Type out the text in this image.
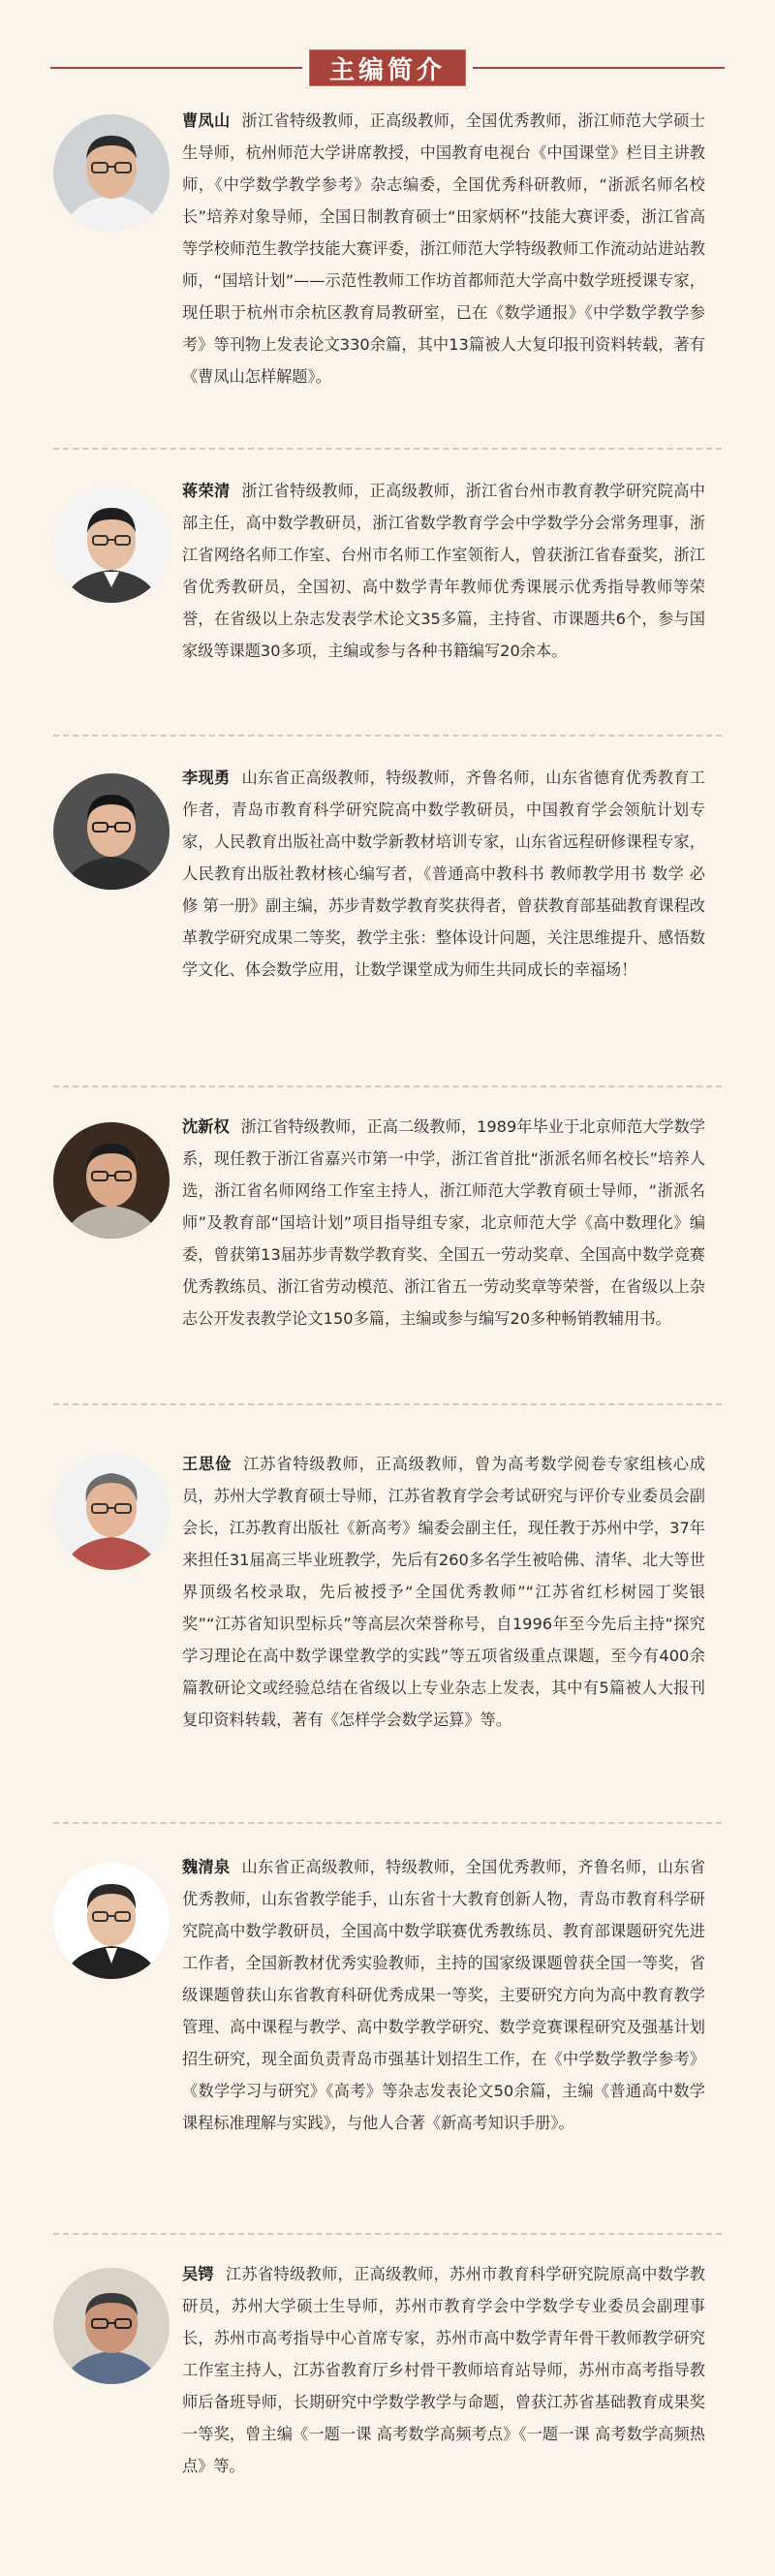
主编简介

曹凤山 浙江省特级教师，正高级教师，全国优秀教师，浙江师范大学硕士生导师，杭州师范大学讲席教授，中国教育电视台《中国课堂》栏目主讲教师，《中学数学教学参考》杂志编委，全国优秀科研教师，“浙派名师名校长”培养对象导师，全国日制教育硕士“田家炳杯”技能大赛评委，浙江省高等学校师范生教学技能大赛评委，浙江师范大学特级教师工作流动站进站教师，“国培计划”——示范性教师工作坊首都师范大学高中数学班授课专家，现任职于杭州市余杭区教育局教研室，已在《数学通报》《中学数学教学参考》等刊物上发表论文330余篇，其中13篇被人大复印报刊资料转载，著有《曹凤山怎样解题》。

蒋荣清 浙江省特级教师，正高级教师，浙江省台州市教育教学研究院高中部主任，高中数学教研员，浙江省数学教育学会中学数学分会常务理事，浙江省网络名师工作室、台州市名师工作室领衔人，曾获浙江省春蚕奖，浙江省优秀教研员，全国初、高中数学青年教师优秀课展示优秀指导教师等荣誉，在省级以上杂志发表学术论文35多篇，主持省、市课题共6个，参与国家级等课题30多项，主编或参与各种书籍编写20余本。

李现勇 山东省正高级教师，特级教师，齐鲁名师，山东省德育优秀教育工作者，青岛市教育科学研究院高中数学教研员，中国教育学会领航计划专家，人民教育出版社高中数学新教材培训专家，山东省远程研修课程专家，人民教育出版社教材核心编写者，《普通高中教科书 教师教学用书 数学 必修 第一册》副主编，苏步青数学教育奖获得者，曾获教育部基础教育课程改革教学研究成果二等奖，教学主张：整体设计问题，关注思维提升、感悟数学文化、体会数学应用，让数学课堂成为师生共同成长的幸福场！

沈新权 浙江省特级教师，正高二级教师，1989年毕业于北京师范大学数学系，现任教于浙江省嘉兴市第一中学，浙江省首批“浙派名师名校长”培养人选，浙江省名师网络工作室主持人，浙江师范大学教育硕士导师，“浙派名师”及教育部“国培计划”项目指导组专家，北京师范大学《高中数理化》编委，曾获第13届苏步青数学教育奖、全国五一劳动奖章、全国高中数学竞赛优秀教练员、浙江省劳动模范、浙江省五一劳动奖章等荣誉，在省级以上杂志公开发表教学论文150多篇，主编或参与编写20多种畅销教辅用书。

王思俭 江苏省特级教师，正高级教师，曾为高考数学阅卷专家组核心成员，苏州大学教育硕士导师，江苏省教育学会考试研究与评价专业委员会副会长，江苏教育出版社《新高考》编委会副主任，现任教于苏州中学，37年来担任31届高三毕业班教学，先后有260多名学生被哈佛、清华、北大等世界顶级名校录取，先后被授予“全国优秀教师”“江苏省红杉树园丁奖银奖”“江苏省知识型标兵”等高层次荣誉称号，自1996年至今先后主持“探究学习理论在高中数学课堂教学的实践”等五项省级重点课题，至今有400余篇教研论文或经验总结在省级以上专业杂志上发表，其中有5篇被人大报刊复印资料转载，著有《怎样学会数学运算》等。

魏清泉 山东省正高级教师，特级教师，全国优秀教师，齐鲁名师，山东省优秀教师，山东省教学能手，山东省十大教育创新人物，青岛市教育科学研究院高中数学教研员，全国高中数学联赛优秀教练员、教育部课题研究先进工作者，全国新教材优秀实验教师，主持的国家级课题曾获全国一等奖，省级课题曾获山东省教育科研优秀成果一等奖，主要研究方向为高中教育教学管理、高中课程与教学、高中数学教学研究、数学竞赛课程研究及强基计划招生研究，现全面负责青岛市强基计划招生工作，在《中学数学教学参考》《数学学习与研究》《高考》等杂志发表论文50余篇，主编《普通高中数学课程标准理解与实践》，与他人合著《新高考知识手册》。

吴锷 江苏省特级教师，正高级教师，苏州市教育科学研究院原高中数学教研员，苏州大学硕士生导师，苏州市教育学会中学数学专业委员会副理事长，苏州市高考指导中心首席专家，苏州市高中数学青年骨干教师教学研究工作室主持人，江苏省教育厅乡村骨干教师培育站导师，苏州市高考指导教师后备班导师，长期研究中学数学教学与命题，曾获江苏省基础教育成果奖一等奖，曾主编《一题一课 高考数学高频考点》《一题一课 高考数学高频热点》等。
